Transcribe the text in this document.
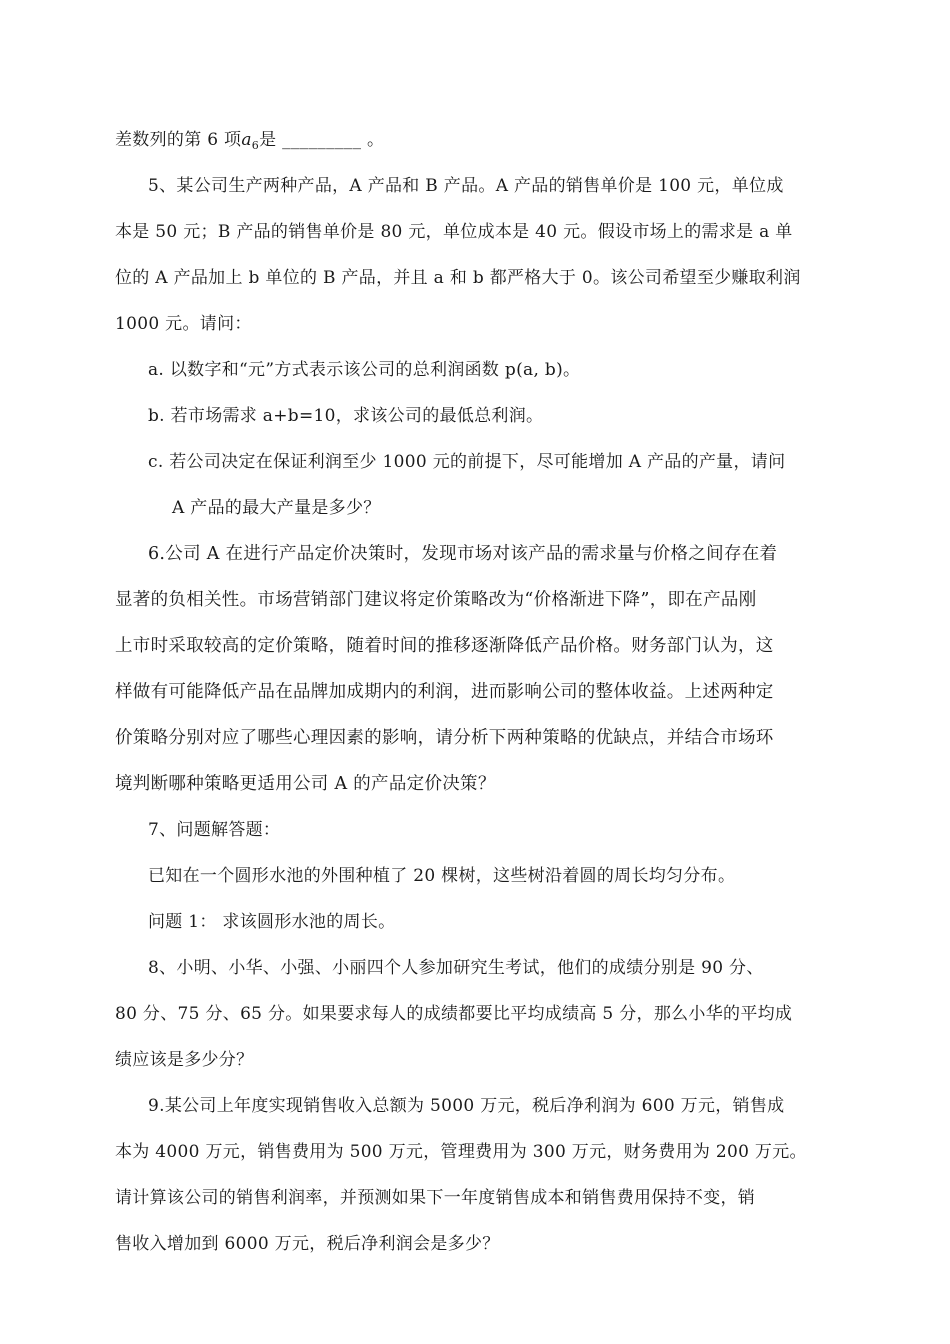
差数列的第 6 项$a_6$是 _________ 。
5、某公司生产两种产品，A 产品和 B 产品。A 产品的销售单价是 100 元，单位成
本是 50 元；B 产品的销售单价是 80 元，单位成本是 40 元。假设市场上的需求是 a 单
位的 A 产品加上 b 单位的 B 产品，并且 a 和 b 都严格大于 0。该公司希望至少赚取利润
1000 元。请问：
a. 以数字和“元”方式表示该公司的总利润函数 p(a, b)。
b. 若市场需求 a+b=10，求该公司的最低总利润。
c. 若公司决定在保证利润至少 1000 元的前提下，尽可能增加 A 产品的产量，请问
A 产品的最大产量是多少？
6.公司 A 在进行产品定价决策时，发现市场对该产品的需求量与价格之间存在着
显著的负相关性。市场营销部门建议将定价策略改为“价格渐进下降”，即在产品刚
上市时采取较高的定价策略，随着时间的推移逐渐降低产品价格。财务部门认为，这
样做有可能降低产品在品牌加成期内的利润，进而影响公司的整体收益。上述两种定
价策略分别对应了哪些心理因素的影响，请分析下两种策略的优缺点，并结合市场环
境判断哪种策略更适用公司 A 的产品定价决策？
7、问题解答题：
已知在一个圆形水池的外围种植了 20 棵树，这些树沿着圆的周长均匀分布。
问题 1： 求该圆形水池的周长。
8、小明、小华、小强、小丽四个人参加研究生考试，他们的成绩分别是 90 分、
80 分、75 分、65 分。如果要求每人的成绩都要比平均成绩高 5 分，那么小华的平均成
绩应该是多少分？
9.某公司上年度实现销售收入总额为 5000 万元，税后净利润为 600 万元，销售成
本为 4000 万元，销售费用为 500 万元，管理费用为 300 万元，财务费用为 200 万元。
请计算该公司的销售利润率，并预测如果下一年度销售成本和销售费用保持不变，销
售收入增加到 6000 万元，税后净利润会是多少？
